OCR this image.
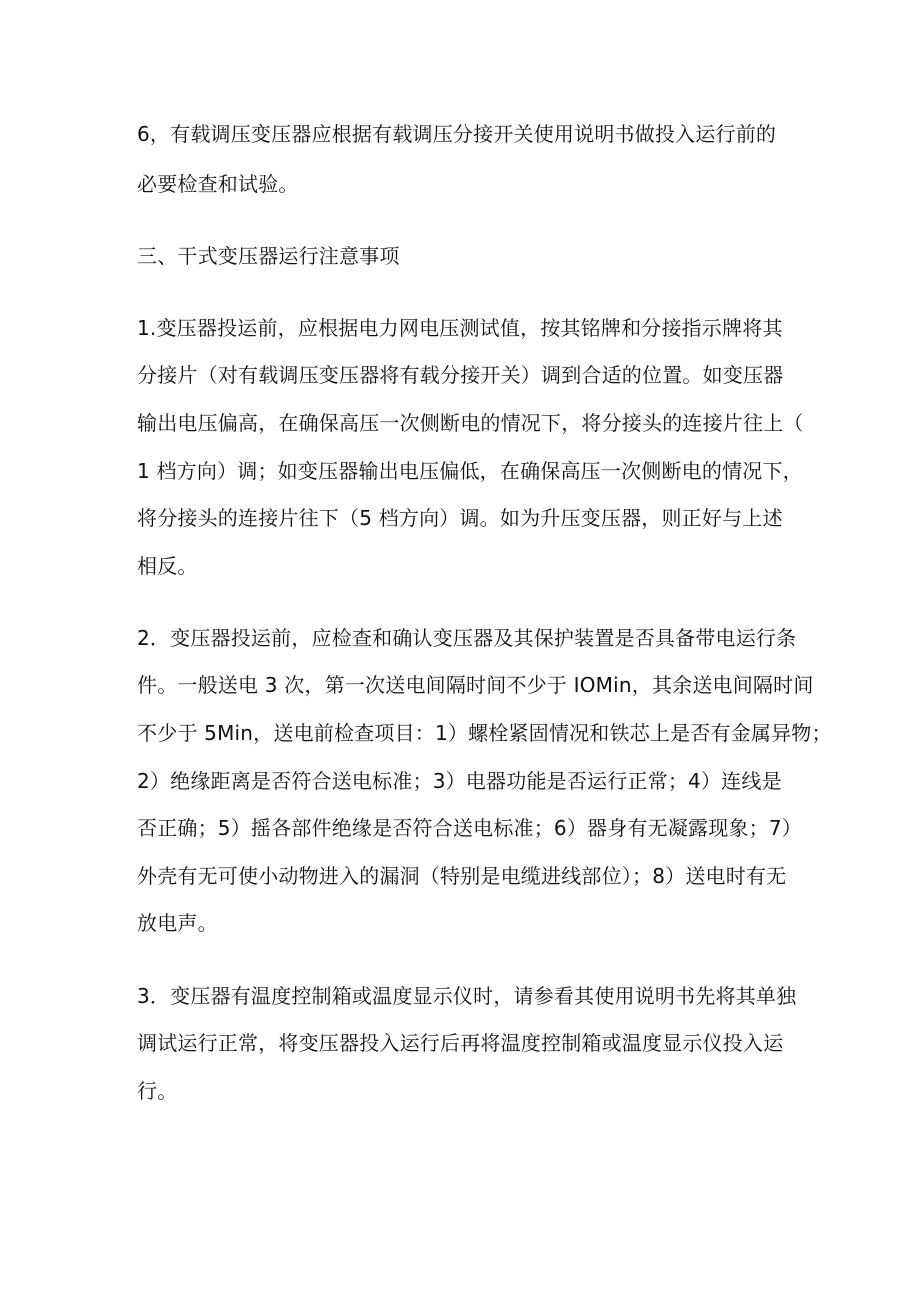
6，有载调压变压器应根据有载调压分接开关使用说明书做投入运行前的
必要检查和试验。
三、干式变压器运行注意事项
1.变压器投运前，应根据电力网电压测试值，按其铭牌和分接指示牌将其
分接片（对有载调压变压器将有载分接开关）调到合适的位置。如变压器
输出电压偏高，在确保高压一次侧断电的情况下，将分接头的连接片往上（
1 档方向）调；如变压器输出电压偏低，在确保高压一次侧断电的情况下，
将分接头的连接片往下（5 档方向）调。如为升压变压器，则正好与上述
相反。
2．变压器投运前，应检查和确认变压器及其保护装置是否具备带电运行条
件。一般送电 3 次，第一次送电间隔时间不少于 IOMin，其余送电间隔时间
不少于 5Min，送电前检查项目：1）螺栓紧固情况和铁芯上是否有金属异物；
2）绝缘距离是否符合送电标准；3）电器功能是否运行正常；4）连线是
否正确；5）摇各部件绝缘是否符合送电标准；6）器身有无凝露现象；7）
外壳有无可使小动物进入的漏洞（特别是电缆进线部位）；8）送电时有无
放电声。
3．变压器有温度控制箱或温度显示仪时，请参看其使用说明书先将其单独
调试运行正常，将变压器投入运行后再将温度控制箱或温度显示仪投入运
行。
